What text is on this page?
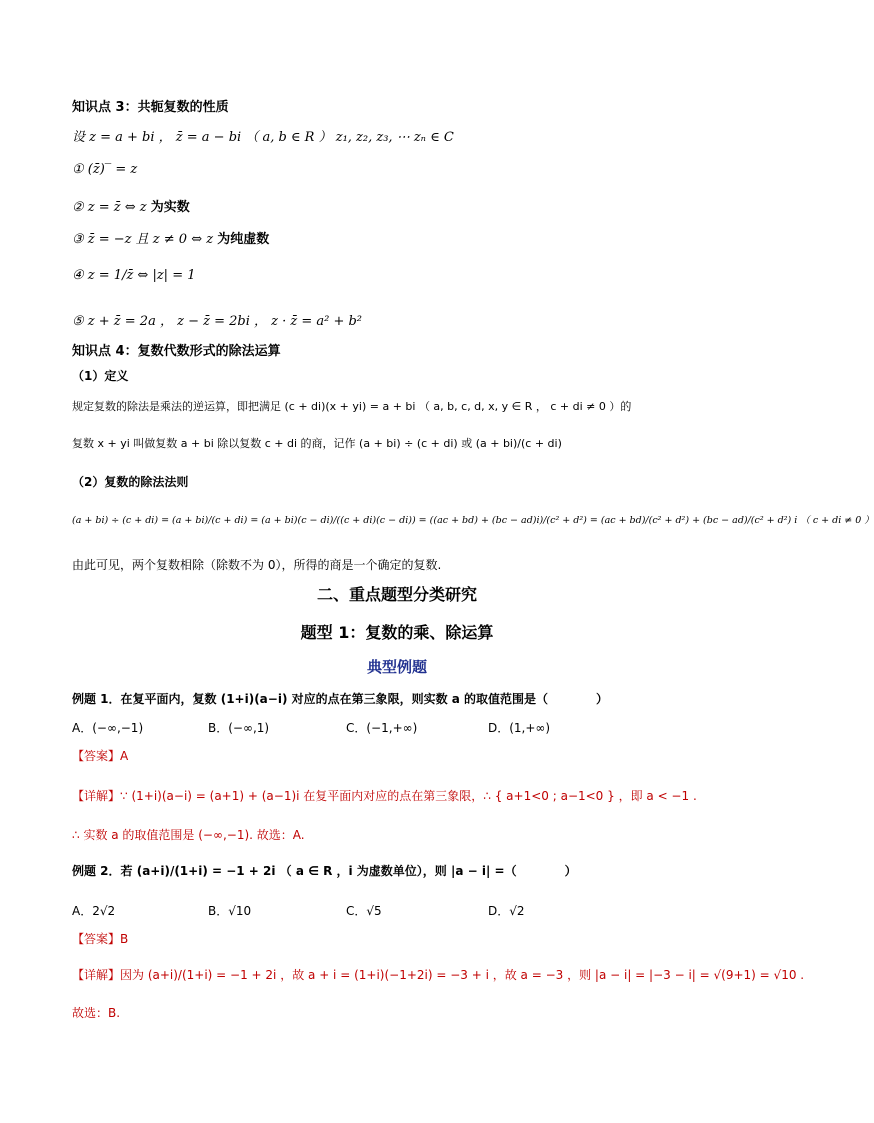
知识点 3：共轭复数的性质
设 z = a + bi ， z̄ = a − bi （ a, b ∈ R ） z₁, z₂, z₃, ⋯ zₙ ∈ C
① (z̄)‾ = z
② z = z̄ ⇔ z 为实数
③ z̄ = −z 且 z ≠ 0 ⇔ z 为纯虚数
④ z = 1/z̄ ⇔ |z| = 1
⑤ z + z̄ = 2a ， z − z̄ = 2bi ， z · z̄ = a² + b²
知识点 4：复数代数形式的除法运算
（1）定义
规定复数的除法是乘法的逆运算，即把满足 (c + di)(x + yi) = a + bi （ a, b, c, d, x, y ∈ R ， c + di ≠ 0 ）的
复数 x + yi 叫做复数 a + bi 除以复数 c + di 的商，记作 (a + bi) ÷ (c + di) 或 (a + bi)/(c + di)
（2）复数的除法法则
(a + bi) ÷ (c + di) = (a + bi)/(c + di) = (a + bi)(c − di)/((c + di)(c − di)) = ((ac + bd) + (bc − ad)i)/(c² + d²) = (ac + bd)/(c² + d²) + (bc − ad)/(c² + d²) i （ c + di ≠ 0 ）
由此可见，两个复数相除（除数不为 0），所得的商是一个确定的复数.
二、重点题型分类研究
题型 1：复数的乘、除运算
典型例题
例题 1．在复平面内，复数 (1+i)(a−i) 对应的点在第三象限，则实数 a 的取值范围是（　　　　）
A．(−∞,−1)	B．(−∞,1)	C．(−1,+∞)	D．(1,+∞)
【答案】A
【详解】∵ (1+i)(a−i) = (a+1) + (a−1)i 在复平面内对应的点在第三象限，∴ { a+1<0 ; a−1<0 } ，即 a < −1 .
∴ 实数 a 的取值范围是 (−∞,−1). 故选：A.
例题 2．若 (a+i)/(1+i) = −1 + 2i （ a ∈ R ，i 为虚数单位），则 |a − i| =（　　　　）
A．2√2	B．√10	C．√5	D．√2
【答案】B
【详解】因为 (a+i)/(1+i) = −1 + 2i ，故 a + i = (1+i)(−1+2i) = −3 + i ，故 a = −3 ，则 |a − i| = |−3 − i| = √(9+1) = √10 .
故选：B.
